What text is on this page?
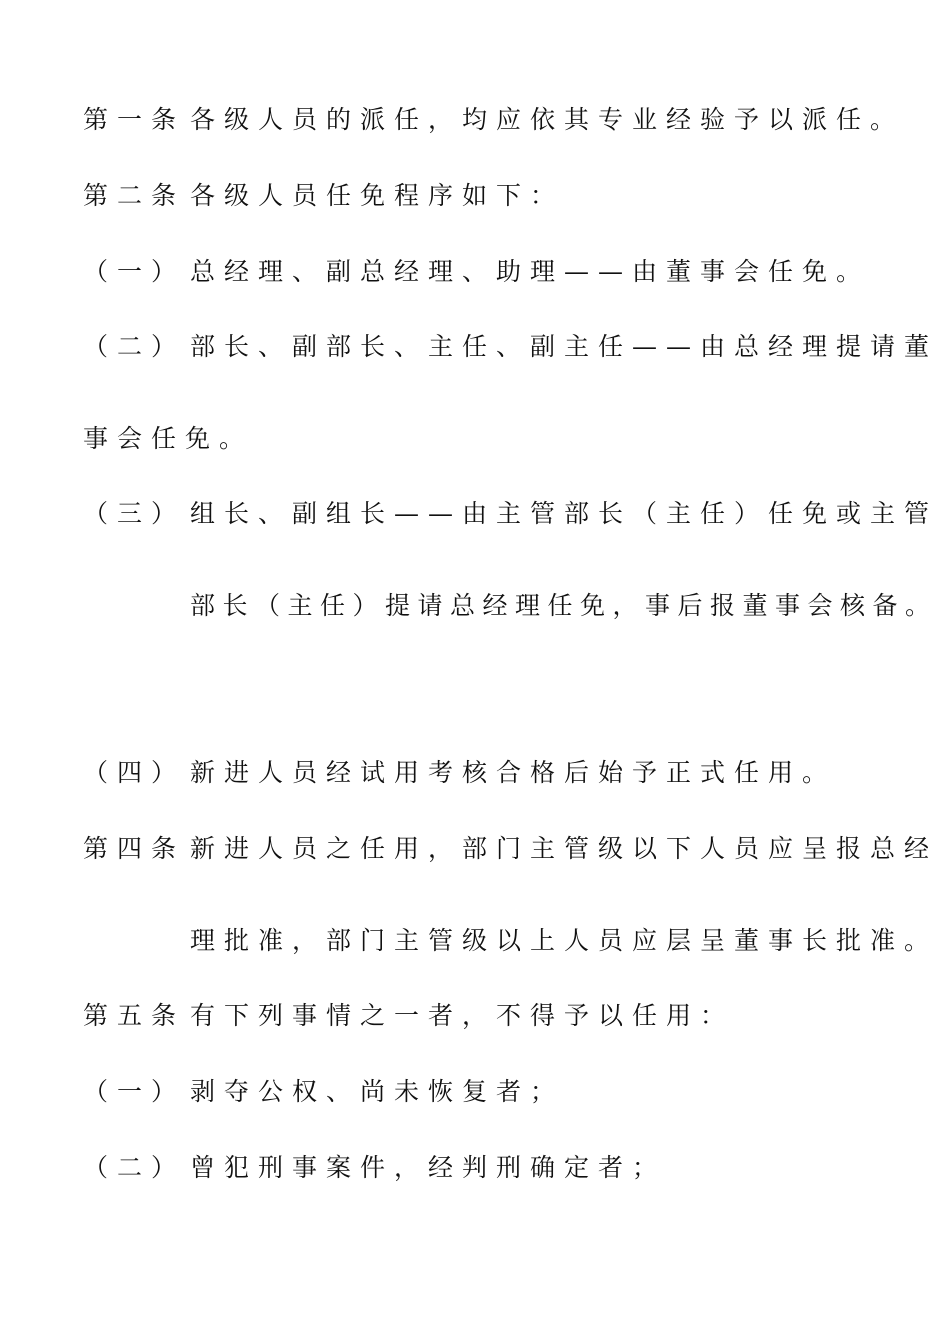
第一条 各级人员的派任，均应依其专业经验予以派任。
第二条 各级人员任免程序如下：
（一） 总经理、副总经理、助理——由董事会任免。
（二） 部长、副部长、主任、副主任——由总经理提请董
事会任免。
（三） 组长、副组长——由主管部长（主任）任免或主管
部长（主任）提请总经理任免，事后报董事会核备。
（四） 新进人员经试用考核合格后始予正式任用。
第四条 新进人员之任用，部门主管级以下人员应呈报总经
理批准，部门主管级以上人员应层呈董事长批准。
第五条 有下列事情之一者，不得予以任用：
（一） 剥夺公权、尚未恢复者；
（二） 曾犯刑事案件，经判刑确定者；
